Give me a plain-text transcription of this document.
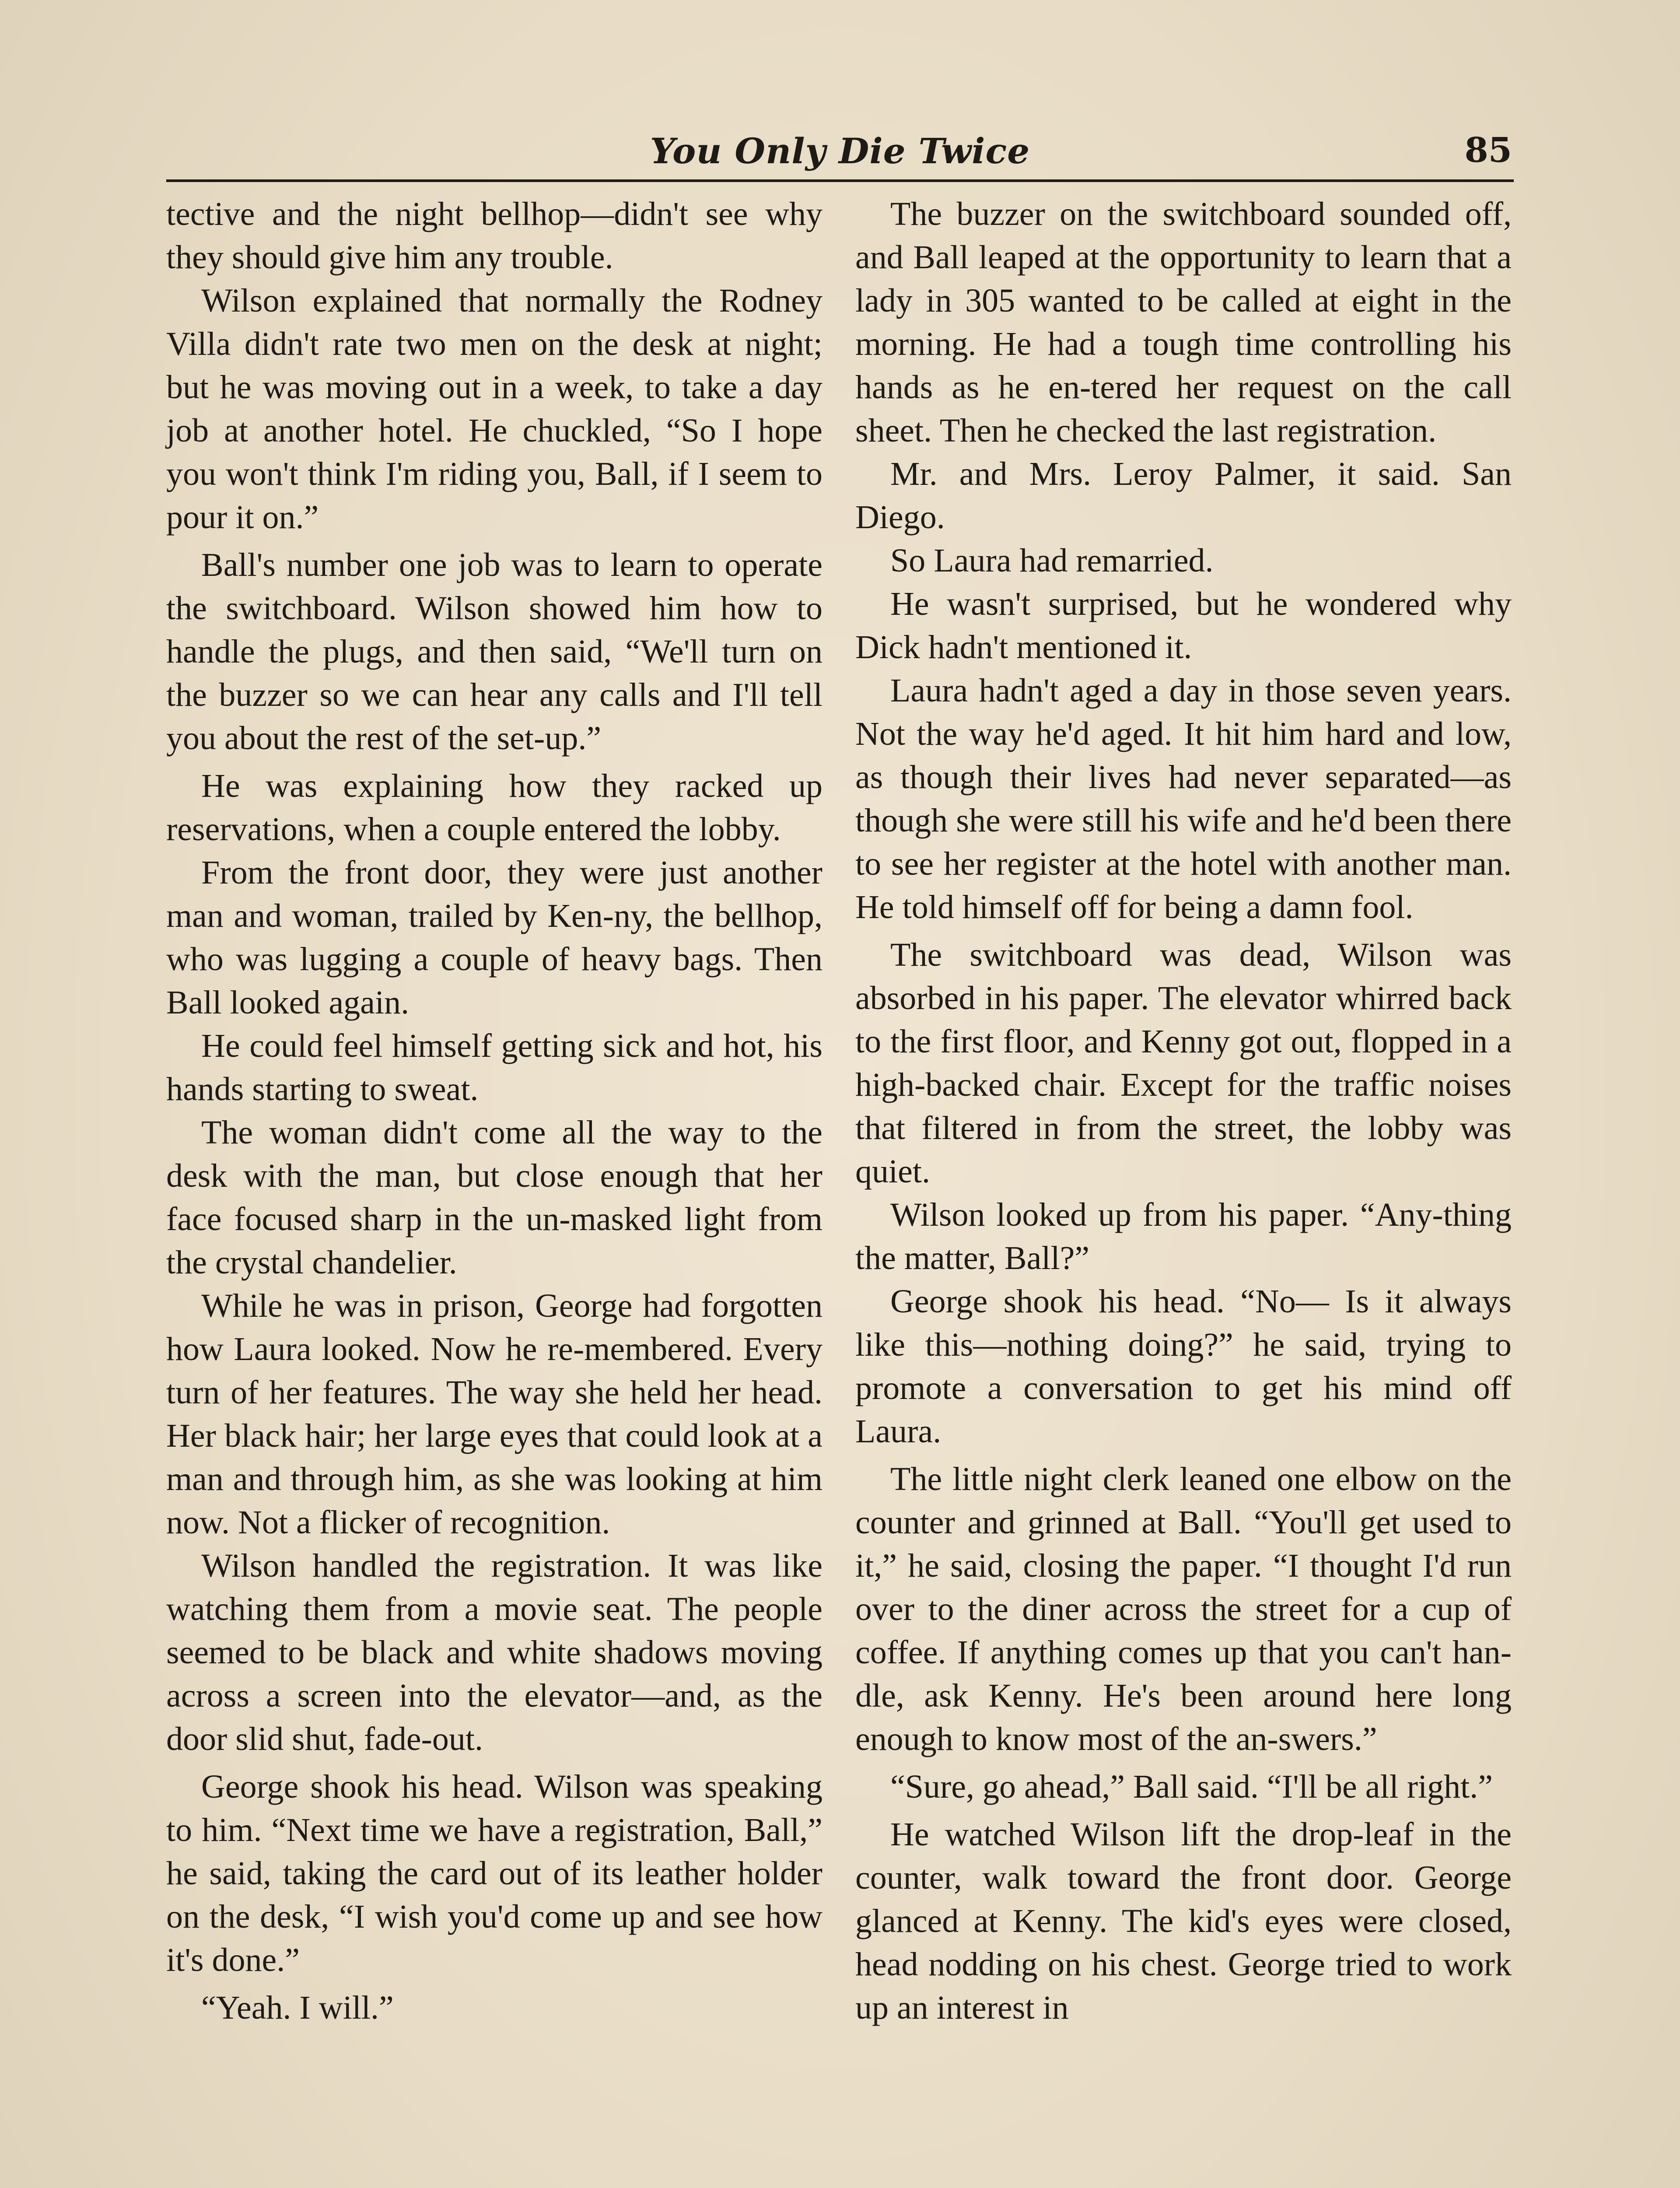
You Only Die Twice	85

tective and the night bellhop—didn't see why they should give him any trouble.

Wilson explained that normally the Rodney Villa didn't rate two men on the desk at night; but he was moving out in a week, to take a day job at another hotel. He chuckled, “So I hope you won't think I'm riding you, Ball, if I seem to pour it on.”

Ball's number one job was to learn to operate the switchboard. Wilson showed him how to handle the plugs, and then said, “We'll turn on the buzzer so we can hear any calls and I'll tell you about the rest of the set-up.”

He was explaining how they racked up reservations, when a couple entered the lobby.

From the front door, they were just another man and woman, trailed by Ken-ny, the bellhop, who was lugging a couple of heavy bags. Then Ball looked again.

He could feel himself getting sick and hot, his hands starting to sweat.

The woman didn't come all the way to the desk with the man, but close enough that her face focused sharp in the un-masked light from the crystal chandelier.

While he was in prison, George had forgotten how Laura looked. Now he re-membered. Every turn of her features. The way she held her head. Her black hair; her large eyes that could look at a man and through him, as she was looking at him now. Not a flicker of recognition.

Wilson handled the registration. It was like watching them from a movie seat. The people seemed to be black and white shadows moving across a screen into the elevator—and, as the door slid shut, fade-out.

George shook his head. Wilson was speaking to him. “Next time we have a registration, Ball,” he said, taking the card out of its leather holder on the desk, “I wish you'd come up and see how it's done.”

“Yeah. I will.”

The buzzer on the switchboard sounded off, and Ball leaped at the opportunity to learn that a lady in 305 wanted to be called at eight in the morning. He had a tough time controlling his hands as he en-tered her request on the call sheet. Then he checked the last registration.

Mr. and Mrs. Leroy Palmer, it said. San Diego.

So Laura had remarried.

He wasn't surprised, but he wondered why Dick hadn't mentioned it.

Laura hadn't aged a day in those seven years. Not the way he'd aged. It hit him hard and low, as though their lives had never separated—as though she were still his wife and he'd been there to see her register at the hotel with another man. He told himself off for being a damn fool.

The switchboard was dead, Wilson was absorbed in his paper. The elevator whirred back to the first floor, and Kenny got out, flopped in a high-backed chair. Except for the traffic noises that filtered in from the street, the lobby was quiet.

Wilson looked up from his paper. “Any-thing the matter, Ball?”

George shook his head. “No— Is it always like this—nothing doing?” he said, trying to promote a conversation to get his mind off Laura.

The little night clerk leaned one elbow on the counter and grinned at Ball. “You'll get used to it,” he said, closing the paper. “I thought I'd run over to the diner across the street for a cup of coffee. If anything comes up that you can't han-dle, ask Kenny. He's been around here long enough to know most of the an-swers.”

“Sure, go ahead,” Ball said. “I'll be all right.”

He watched Wilson lift the drop-leaf in the counter, walk toward the front door. George glanced at Kenny. The kid's eyes were closed, head nodding on his chest. George tried to work up an interest in
